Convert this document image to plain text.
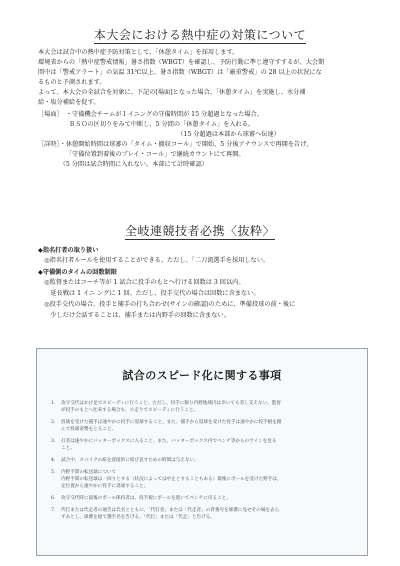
本大会における熱中症の対策について
本大会は試合中の熱中症予防対策として、「休憩タイム」を採用します。
環境省からの「熱中症警戒情報」暑さ指数（WBGT）を確認し、予防行動に準じ遵守すするが、大会期
間中は「警戒アラート」の気温 31℃以上、暑さ指数（WBGT）は「厳重警戒」の 28 以上の状況にな
るものと予測されます。
よって、本大会の全試合を対象に、下記の[場面]となった場合、「休憩タイム」を実施し、水分補
給・塩分補給を促す。
［場面］　・守備機会チームが１イニングの守備時間が 15 分超過となった場合。
　　　　　ＢＳＯの区切りをみて中断し、5 分間の「休憩タイム」を入れる。
　　　　　　　　　　　　　　　　　　　　　　　（15 分超過は本部から球審へ伝達）
［詳時］・休憩開始時間は球審の「タイム・撤収コール」で開始、5 分後アナウンスで再開を告げ、
　　　　　「守備位置到着後のプレイ・コール」で継続カウントにて再開。
　　　　（5 分間は試合時間に入れない。本部にて計時確認）
全岐連競技者必携〈抜粋〉
◆指名打者の取り扱い
　◎指名打者ルールを使用することができる。ただし、「二刀流選手を採用しない。
◆守備側のタイムの回数制限
　◎監督またはコーチ等が 1 試合に投手のもとへ行ける回数は 3 回以内。
　　延長戦は 1 イニ ングに 1 回。ただし、投手交代の場合は回数に含まない。
　◎投手交代の場合、投手と捕手の打ち合わせ(サインの確認)のために、準備投球の前・後に
　　少しだけ会話することは、捕手または内野手の回数に含まない。
試合のスピード化に関する事項
1. 攻守交代はかけ足でスピーディに行うこと。ただし、投手に限り内野地域内は歩いても差し支えない。監督
が投手のもとへ往来する場合も、小走りでスピーディに行うこと。
2. 投球を受けた捕手は速やかに投手に返球すること。また、捕手から返球を受けた投手は速やかに投手板を踏
んで投球姿勢をとること。
3. 打者は速やかにバッターボックスに入ること。また、バッターボックス内でベンチ等からのサインを見る
こと。
4. 試合中、スパイクの紐を意図的に結び直すための時間は与えない。
5. 内野手間の転送球について
内野手間の転送球は一回りとする（状況によっては中止とすることもある）最後にボールを受けた野手は、
定位置から速やかに投手に返球すること。
6. 攻守交代時に最後のボール保持者は、投手板にボールを置いてベンチに戻ること。
7. 代打または代走者の通告は氏名とともに、「代打者」または「代走者」の背番号を球審に見せその場を去ら
ずあとし、球審を経て選手名を告げる。「代打」または「代走」と告げる。
